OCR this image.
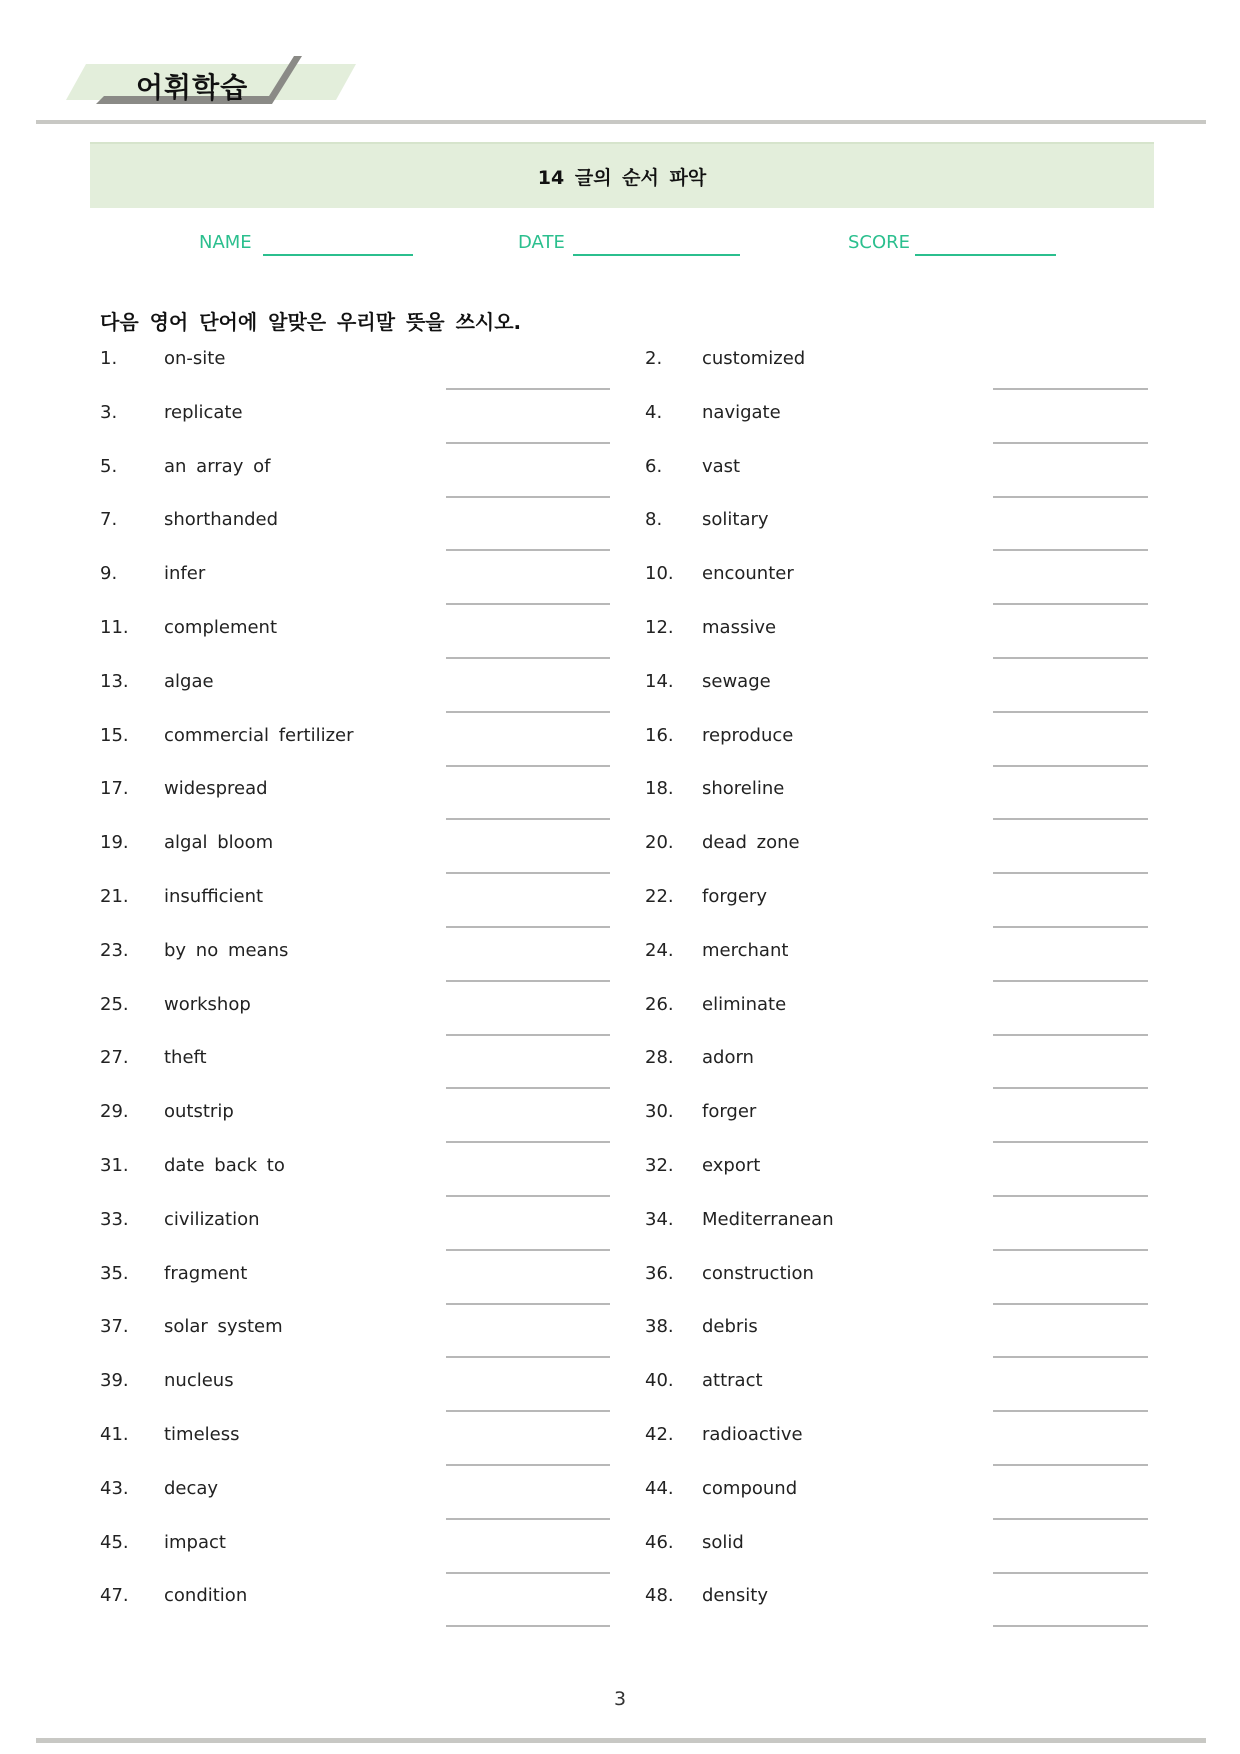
어휘학습
14 글의 순서 파악
NAME	DATE	SCORE
다음 영어 단어에 알맞은 우리말 뜻을 쓰시오.
1.	on-site	2. customized
3.	replicate	4. navigate
5.	an array of	6. vast
7.	shorthanded	8. solitary
9.	infer	10. encounter
11. complement	12. massive
13. algae	14. sewage
15. commercial fertilizer	16. reproduce
17. widespread	18. shoreline
19. algal bloom	20. dead zone
21. insufficient	22. forgery
23. by no means	24. merchant
25. workshop	26. eliminate
27. theft	28. adorn
29. outstrip	30. forger
31. date back to	32. export
33. civilization	34. Mediterranean
35. fragment	36. construction
37. solar system	38. debris
39. nucleus	40. attract
41. timeless	42. radioactive
43. decay	44. compound
45. impact	46. solid
47. condition	48. density
3
